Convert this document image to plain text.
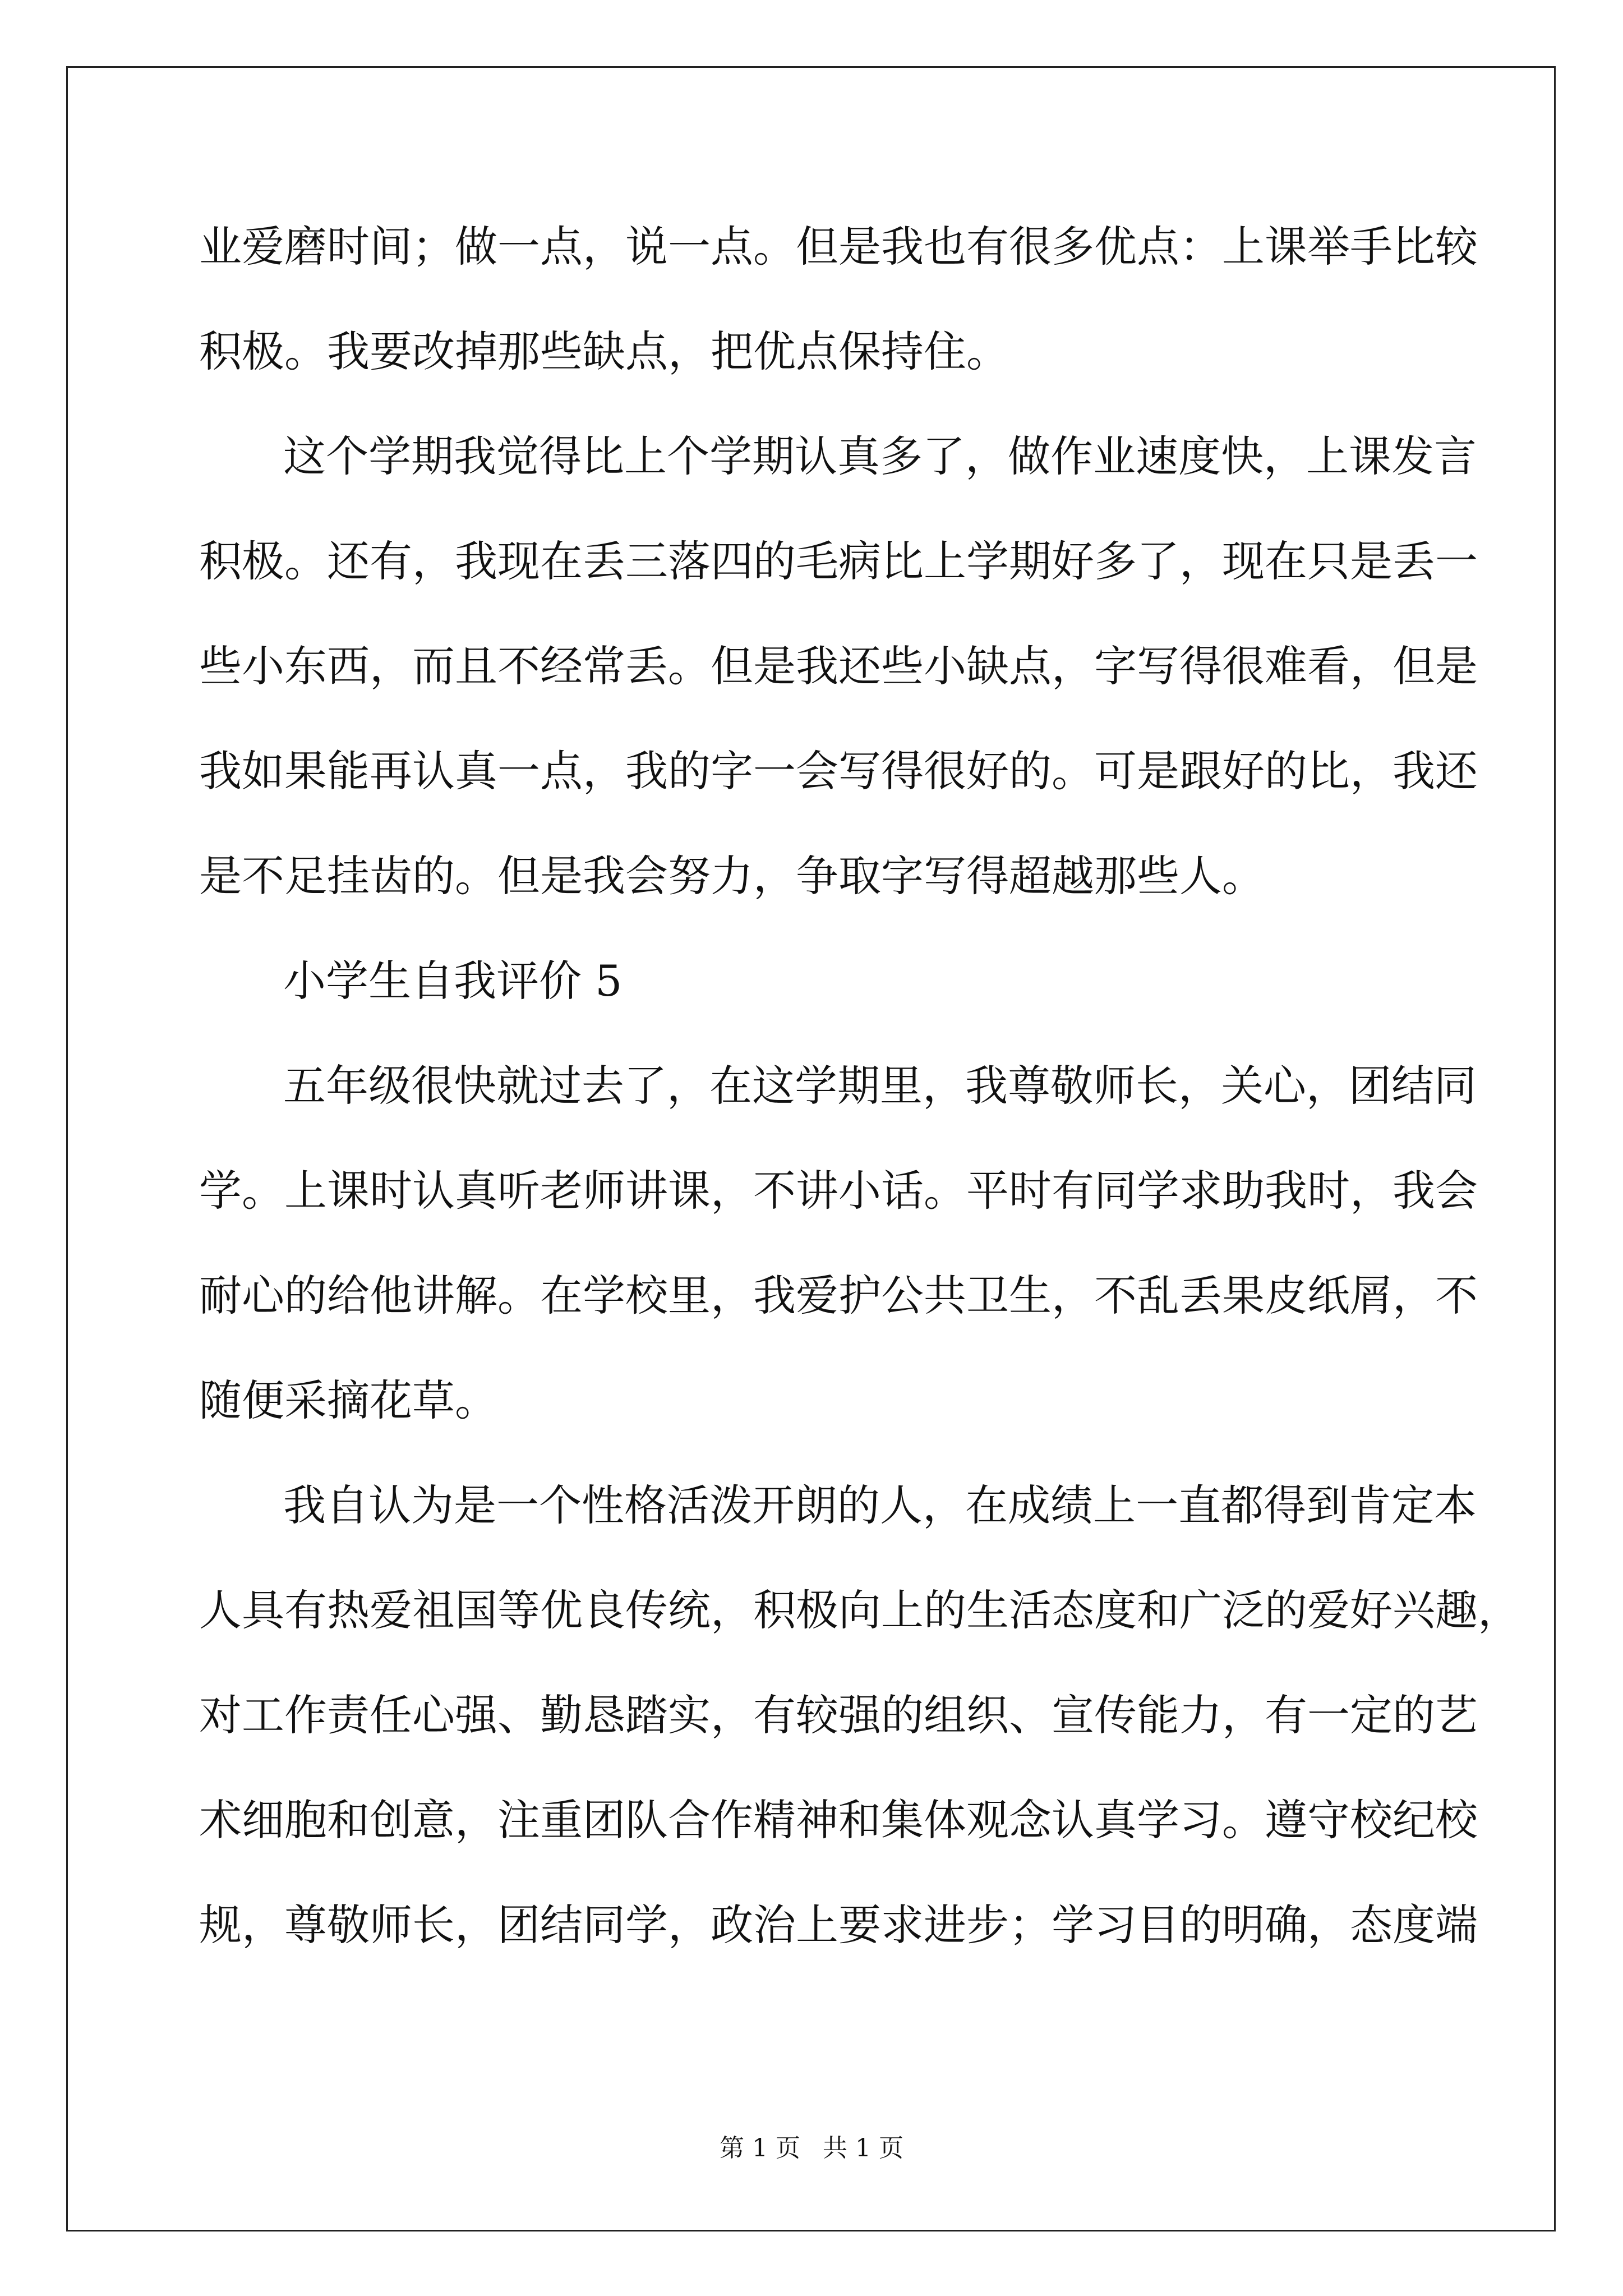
业爱磨时间；做一点，说一点。但是我也有很多优点：上课举手比较
积极。我要改掉那些缺点，把优点保持住。
这个学期我觉得比上个学期认真多了，做作业速度快，上课发言
积极。还有，我现在丢三落四的毛病比上学期好多了，现在只是丢一
些小东西，而且不经常丢。但是我还些小缺点，字写得很难看，但是
我如果能再认真一点，我的字一会写得很好的。可是跟好的比，我还
是不足挂齿的。但是我会努力，争取字写得超越那些人。
小学生自我评价 5
五年级很快就过去了，在这学期里，我尊敬师长，关心，团结同
学。上课时认真听老师讲课，不讲小话。平时有同学求助我时，我会
耐心的给他讲解。在学校里，我爱护公共卫生，不乱丢果皮纸屑，不
随便采摘花草。
我自认为是一个性格活泼开朗的人，在成绩上一直都得到肯定本
人具有热爱祖国等优良传统，积极向上的生活态度和广泛的爱好兴趣，
对工作责任心强、勤恳踏实，有较强的组织、宣传能力，有一定的艺
术细胞和创意，注重团队合作精神和集体观念认真学习。遵守校纪校
规，尊敬师长，团结同学，政治上要求进步；学习目的明确，态度端
第 1 页 共 1 页
